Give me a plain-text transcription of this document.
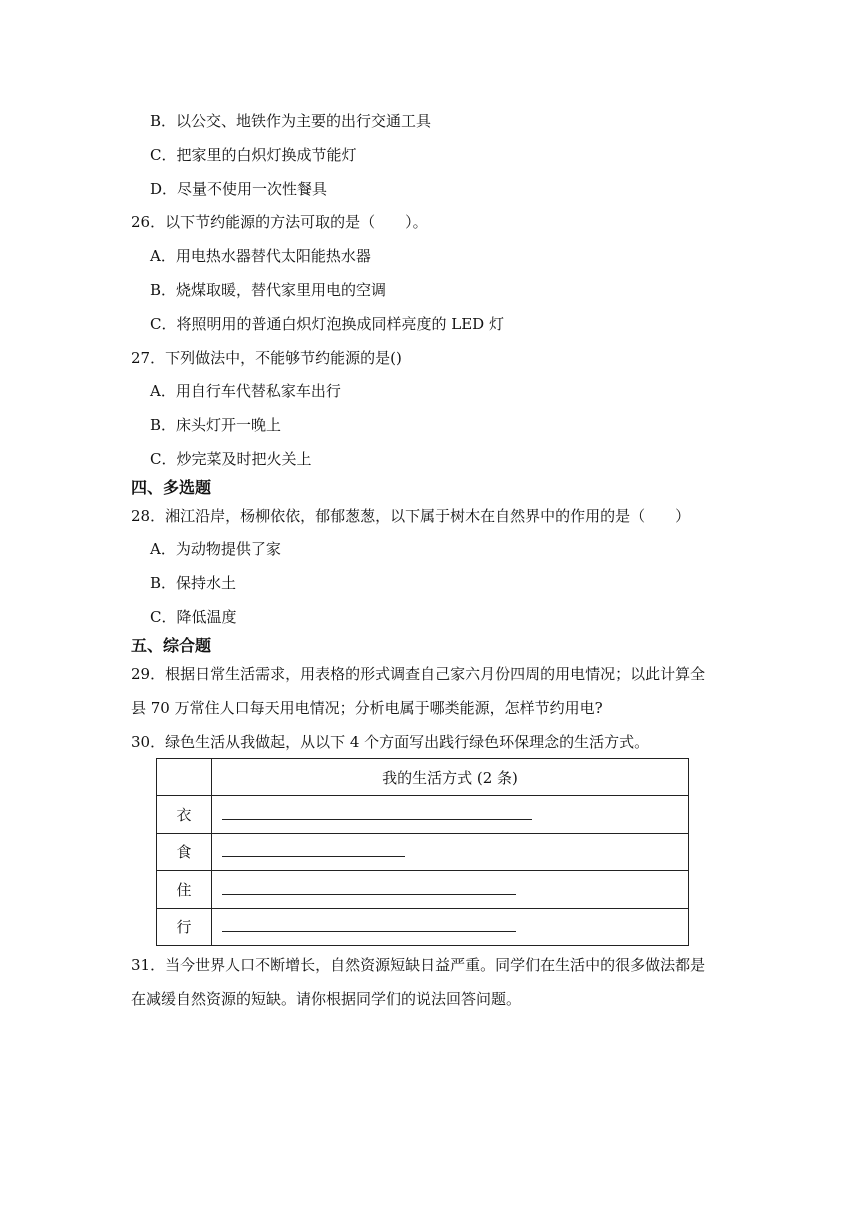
B．以公交、地铁作为主要的出行交通工具
C．把家里的白炽灯换成节能灯
D．尽量不使用一次性餐具
26．以下节约能源的方法可取的是（　　）。
A．用电热水器替代太阳能热水器
B．烧煤取暖，替代家里用电的空调
C．将照明用的普通白炽灯泡换成同样亮度的 LED 灯
27．下列做法中，不能够节约能源的是()
A．用自行车代替私家车出行
B．床头灯开一晚上
C．炒完菜及时把火关上
四、多选题
28．湘江沿岸，杨柳依依，郁郁葱葱，以下属于树木在自然界中的作用的是（　　）
A．为动物提供了家
B．保持水土
C．降低温度
五、综合题
29．根据日常生活需求，用表格的形式调查自己家六月份四周的用电情况；以此计算全
县 70 万常住人口每天用电情况；分析电属于哪类能源，怎样节约用电?
30．绿色生活从我做起，从以下 4 个方面写出践行绿色环保理念的生活方式。
	我的生活方式 (2 条)
衣	

食	

住	

行	
31．当今世界人口不断增长，自然资源短缺日益严重。同学们在生活中的很多做法都是
在减缓自然资源的短缺。请你根据同学们的说法回答问题。
